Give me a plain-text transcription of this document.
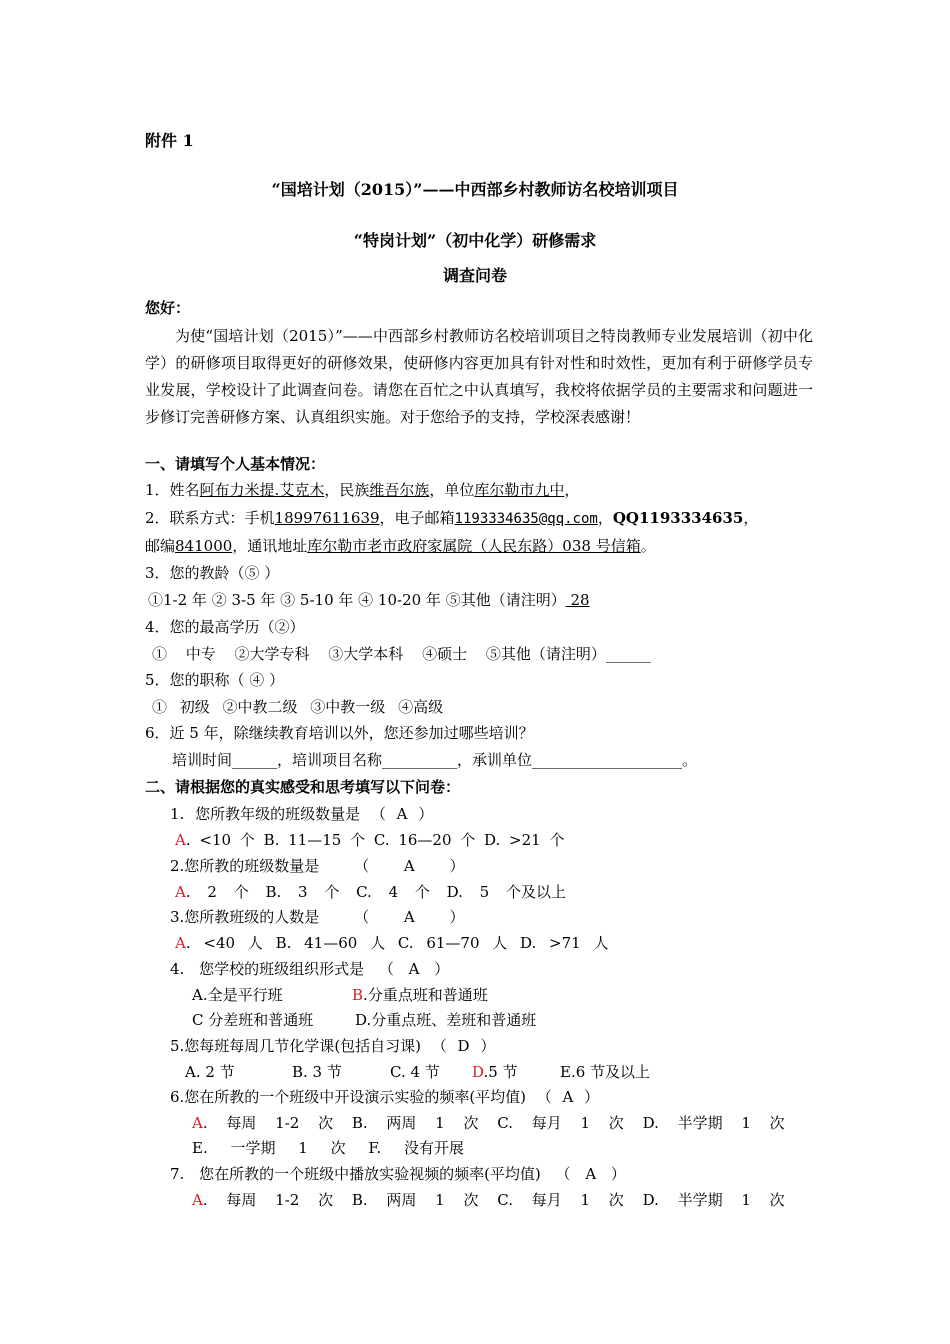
附件 1
“国培计划（2015）”——中西部乡村教师访名校培训项目
“特岗计划”（初中化学）研修需求
调查问卷
您好：
为使“国培计划（2015）”——中西部乡村教师访名校培训项目之特岗教师专业发展培训（初中化学）的研修项目取得更好的研修效果，使研修内容更加具有针对性和时效性，更加有利于研修学员专业发展，学校设计了此调查问卷。请您在百忙之中认真填写，我校将依据学员的主要需求和问题进一步修订完善研修方案、认真组织实施。对于您给予的支持，学校深表感谢！
一、请填写个人基本情况：
1．姓名阿布力米提.艾克木，民族维吾尔族，单位库尔勒市九中，
2．联系方式：手机18997611639，电子邮箱1193334635@qq.com，QQ1193334635，
邮编841000，通讯地址库尔勒市老市政府家属院（人民东路）038 号信箱。
3．您的教龄（⑤ ）
①1-2 年 ② 3-5 年 ③ 5-10 年 ④ 10-20 年 ⑤其他（请注明） 28
4．您的最高学历（②）
① 中专 ②大学专科 ③大学本科 ④硕士 ⑤其他（请注明）______
5．您的职称（ ④ ）
① 初级 ②中教二级 ③中教一级 ④高级
6．近 5 年，除继续教育培训以外，您还参加过哪些培训？
培训时间______，培训项目名称__________，承训单位____________________。
二、请根据您的真实感受和思考填写以下问卷：
1. 您所教年级的班级数量是 （ A ）
A. <10 个 B. 11—15 个 C. 16—20 个 D. >21 个
2.您所教的班级数量是 （ A ）
A. 2 个 B. 3 个 C. 4 个 D. 5 个及以上
3.您所教班级的人数是 （ A ）
A. <40 人 B. 41—60 人 C. 61—70 人 D. >71 人
4. 您学校的班级组织形式是 （ A ）
A.全是平行班	B.分重点班和普通班
C 分差班和普通班	D.分重点班、差班和普通班
5.您每班每周几节化学课(包括自习课) （ D ）
A. 2 节	B. 3 节	C. 4 节 D.5 节	E.6 节及以上
6.您在所教的一个班级中开设演示实验的频率(平均值) （ A ）
A. 每周 1-2 次 B. 两周 1 次 C. 每月 1 次 D. 半学期 1 次
E. 一学期 1 次 F. 没有开展
7. 您在所教的一个班级中播放实验视频的频率(平均值) （ A ）
A. 每周 1-2 次 B. 两周 1 次 C. 每月 1 次 D. 半学期 1 次
